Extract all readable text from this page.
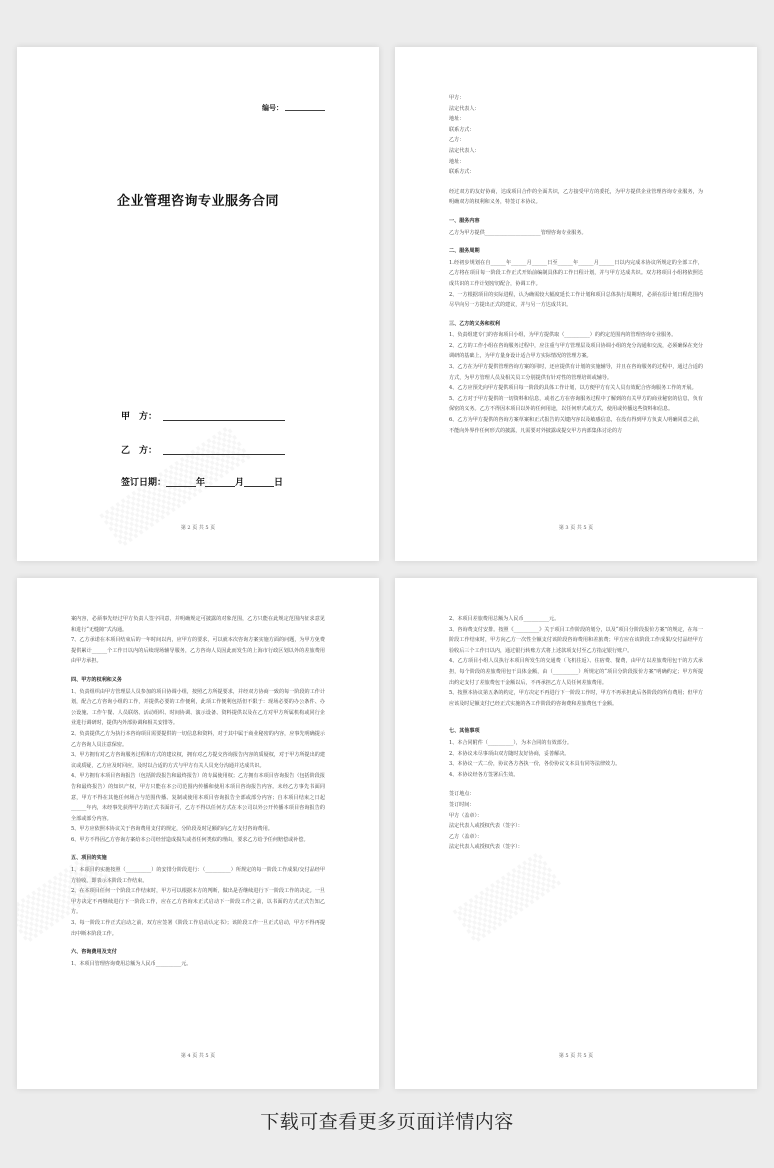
编号：
企业管理咨询专业服务合同
甲　方：
乙　方：
签订日期：	年	月	日
第 2 页 共 5 页

甲方：

法定代表人：

地址：

联系方式：

乙方：

法定代表人：

地址：

联系方式：

经过双方的友好协商，达成项目合作的全面共识，乙方接受甲方的委托，为甲方提供企业管理咨询专业服务，为明确双方的权利和义务，特签订本协议。

一、服务内容

乙方为甲方提供______________________管理咨询专业服务。

二、服务周期

1.经初步规划在自______年______月______日至______年______月______日以内完成本协议所规定的全部工作，乙方将在项目每一阶段工作正式开始前编制具体的工作日程计划，并与甲方达成共识。双方将项目小组将依照达成共识的工作计划密切配合，协调工作。

2、一方根据项目的实际进程，认为确需较大幅度延长工作计划和项目总体执行周期时，必须在原计划日程范围内尽早向另一方提出正式的建议，并与另一方达成共识。

三、乙方的义务和权利

1、负责组建专门的咨询项目小组，为甲方提供取（__________）的约定范围内的管理咨询专业服务。

2、乙方的工作小组在咨询服务过程中，应注重与甲方管理层及项目协调小组的充分沟通和交流，必须确保在充分调研的基础上，为甲方量身设计适合甲方实际情况的管理方案。

3、乙方在为甲方提供管理咨询方案的同时，还应提供有计划的实施辅导，并且在咨询服务的过程中，通过合适的方式，为甲方管理人员及相关员工分别提供有针对性的管理培训或辅导。

4、乙方应预先向甲方提供项目每一阶段的具体工作计划，以方便甲方有关人员有效配合咨询服务工作的开展。

5、乙方对于甲方提供的一切资料和信息，或者乙方在咨询服务过程中了解到的有关甲方的商业秘密的信息，负有保密的义务。乙方不得因本项目以外的任何用途，以任何形式或方式，使用或传播这些资料和信息。

6、乙方为甲方提供的咨询方案草案和正式报告的关键内容以及敏感信息，在没有得到甲方负责人明确同意之前，不能向外界作任何形式的披露，凡需要对外披露或提交甲方内部集体讨论的方

第 3 页 共 5 页

案内容，必须事先经过甲方负责人签字同意，并明确规定可披露的对象范围，乙方只能在此规定范围内征求意见和进行“无缝隙”式沟通。

7、乙方承诺在本项目结束后的一年时间以内，应甲方的要求，可以就本次咨询方案实施方面的问题，为甲方免费提供累计______个工作日以内的后续现场辅导服务，乙方咨询人员因此而发生的上海市行政区划以外的差旅费用由甲方承担。

四、甲方的权利和义务

1、负责组织由甲方管理层人员参加的项目协调小组，按照乙方所提要求，并经双方协商一致的每一阶段的工作计划，配合乙方咨询小组的工作，并提供必要的工作便利，此项工作便利包括但不限于：现场必要的办公条件、办公设施、工作午餐、人员联络、活动组织、时间协调、演示设备、资料提供以及在乙方对甲方所属机构或同行企业进行调研时，提供内外部协调和相关安排等。

2、负责提供乙方为执行本咨询项目需要提供的一切信息和资料，对于其中属于商业秘密的内容，应事先明确提示乙方咨询人员注意保密。

3、甲方拥有对乙方咨询服务过程和方式的建议权，拥有对乙方提交咨询报告内容的质疑权，对于甲方所提出的建议或质疑，乙方应及时回应，及时以合适的方式与甲方有关人员充分沟通并达成共识。

4、甲方拥有本项目咨询报告（包括阶段报告和最终报告）的专属使用权；乙方拥有本项目咨询报告（包括阶段报告和最终报告）的知识产权，甲方只能在本公司范围内传播和使用本项目咨询报告内容。未经乙方事先书面同意，甲方不得在其他任何场合与范围传播、复制或使用本项目咨询报告全部或部分内容；自本项目结束之日起______年内，未经事先获得甲方的正式书面许可，乙方不得以任何方式在本公司以外公开传播本项目咨询报告的全部或部分内容。

5、甲方应依照本协议关于咨询费用支付的规定，分阶段及时足额的向乙方支付咨询费用。

6、甲方不得因乙方咨询方案给本公司经营造成损失或者任何类似的理由，要求乙方给予任何赔偿或补偿。

五、项目的实施

1、本项目的实施按照（__________）的安排分阶段进行：（__________）所规定的每一阶段工作成果/交付品经甲方验收，即表示本阶段工作结束。

2、在本项目任何一个阶段工作结束时，甲方可以根据本方的判断，做出是否继续进行下一阶段工作的决定。一旦甲方决定不再继续进行下一阶段工作，应在乙方咨询未正式启动下一阶段工作之前，以书面的方式正式告知乙方。

3、每一阶段工作正式启动之前，双方应签署《阶段工作启动认定书》；该阶段工作一旦正式启动，甲方不得再提出中断本阶段工作。

六、咨询费用及支付

1、本项目管理咨询费用总额为人民币__________元。

第 4 页 共 5 页

2、本项目差旅费用总额为人民币__________元。

3、咨询费支付安排。按照《__________》关于项目工作阶段的划分，以及“项目分阶段报价方案”的规定，在每一阶段工作结束时，甲方向乙方一次性全额支付该阶段咨询费用和差旅费；甲方应在该阶段工作成果/交付品经甲方验收后三个工作日以内，通过银行转账方式将上述款项支付至乙方指定银行账户。

4、乙方项目小组人员执行本项目所发生的交通费（飞机往返）、住宿费、餐费，由甲方以差旅费用包干的方式承担，每个阶段的差旅费用包干具体金额，由（__________）所规定的“项目分阶段报价方案”明确约定；甲方所提出约定支付了差旅费包干金额以后，不再承担乙方人员任何差旅费用。

5、按照本协议第五条的约定，甲方决定不再进行下一阶段工作时，甲方不再承担此后各阶段的所有费用；但甲方应该及时足额支付已经正式实施的各工作阶段的咨询费和差旅费包干金额。

七、其他事项

1、本合同附件（__________），为本合同的有效部分。

2、本协议未尽事项由双方随时友好协商，妥善解决。

3、本协议一式二份，协议各方各执一份，各份协议文本具有同等法律效力。

4、本协议经各方签署后生效。

签订地点：

签订时间：

甲方（盖章）：

法定代表人或授权代表（签字）：

乙方（盖章）：

法定代表人或授权代表（签字）：

第 5 页 共 5 页
下载可查看更多页面详情内容
